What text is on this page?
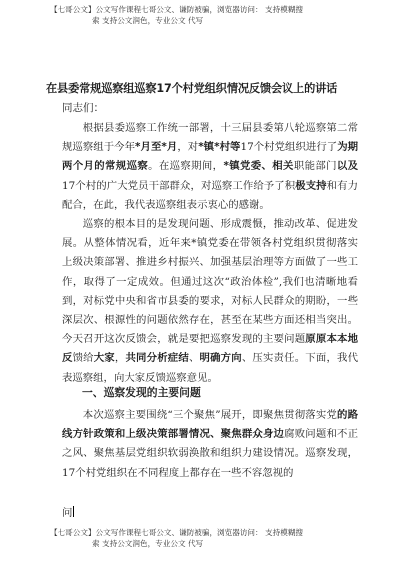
【七哥公文】公文写作课程七哥公文、谦防被骗，浏览器访问： 支持模糊搜
索 支持公文润色，专业公文 代写
在县委常规巡察组巡察17个村党组织情况反馈会议上的讲话
同志们：

根据县委巡察工作统一部署，十三届县委第八轮巡察第二常规巡察组于今年*月至*月，对*镇*村等17个村党组织进行了为期两个月的常规巡察。在巡察期间，*镇党委、相关职能部门以及17个村的广大党员干部群众，对巡察工作给予了积极支持和有力配合，在此，我代表巡察组表示衷心的感谢。

巡察的根本目的是发现问题、形成震慑，推动改革、促进发展。从整体情况看，近年来*镇党委在带领各村党组织贯彻落实上级决策部署、推进乡村振兴、加强基层治理等方面做了一些工作，取得了一定成效。但通过这次“政治体检”,我们也清晰地看到，对标党中央和省市县委的要求，对标人民群众的期盼，一些深层次、根源性的问题依然存在，甚至在某些方面还相当突出。今天召开这次反馈会，就是要把巡察发现的主要问题原原本本地反馈给大家，共同分析症结、明确方向、压实责任。下面，我代表巡察组，向大家反馈巡察意见。

一、巡察发现的主要问题

本次巡察主要围绕“三个聚焦”展开，即聚焦贯彻落实党的路线方针政策和上级决策部署情况、聚焦群众身边腐败问题和不正之风、聚焦基层党组织软弱涣散和组织力建设情况。巡察发现，17个村党组织在不同程度上都存在一些不容忽视的

问
【七哥公文】公文写作课程七哥公文、谦防被骗，浏览器访问： 支持模糊搜
索 支持公文润色，专业公文 代写
